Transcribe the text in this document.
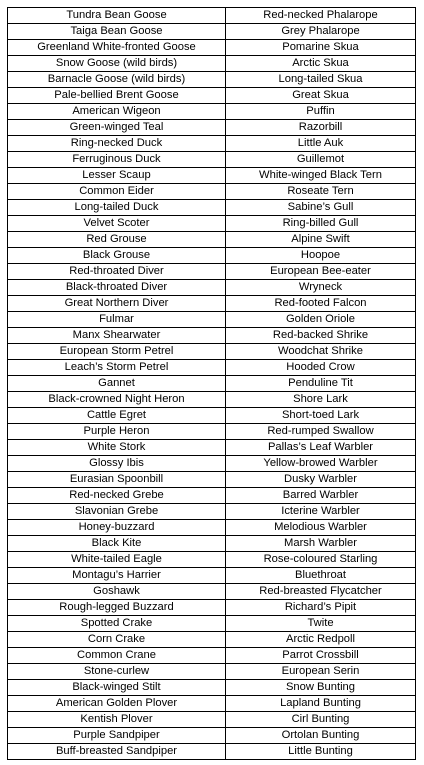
Tundra Bean Goose	Red-necked Phalarope
Taiga Bean Goose	Grey Phalarope
Greenland White-fronted Goose	Pomarine Skua
Snow Goose (wild birds)	Arctic Skua
Barnacle Goose (wild birds)	Long-tailed Skua
Pale-bellied Brent Goose	Great Skua
American Wigeon	Puffin
Green-winged Teal	Razorbill
Ring-necked Duck	Little Auk
Ferruginous Duck	Guillemot
Lesser Scaup	White-winged Black Tern
Common Eider	Roseate Tern
Long-tailed Duck	Sabine’s Gull
Velvet Scoter	Ring-billed Gull
Red Grouse	Alpine Swift
Black Grouse	Hoopoe
Red-throated Diver	European Bee-eater
Black-throated Diver	Wryneck
Great Northern Diver	Red-footed Falcon
Fulmar	Golden Oriole
Manx Shearwater	Red-backed Shrike
European Storm Petrel	Woodchat Shrike
Leach’s Storm Petrel	Hooded Crow
Gannet	Penduline Tit
Black-crowned Night Heron	Shore Lark
Cattle Egret	Short-toed Lark
Purple Heron	Red-rumped Swallow
White Stork	Pallas’s Leaf Warbler
Glossy Ibis	Yellow-browed Warbler
Eurasian Spoonbill	Dusky Warbler
Red-necked Grebe	Barred Warbler
Slavonian Grebe	Icterine Warbler
Honey-buzzard	Melodious Warbler
Black Kite	Marsh Warbler
White-tailed Eagle	Rose-coloured Starling
Montagu’s Harrier	Bluethroat
Goshawk	Red-breasted Flycatcher
Rough-legged Buzzard	Richard’s Pipit
Spotted Crake	Twite
Corn Crake	Arctic Redpoll
Common Crane	Parrot Crossbill
Stone-curlew	European Serin
Black-winged Stilt	Snow Bunting
American Golden Plover	Lapland Bunting
Kentish Plover	Cirl Bunting
Purple Sandpiper	Ortolan Bunting
Buff-breasted Sandpiper	Little Bunting
